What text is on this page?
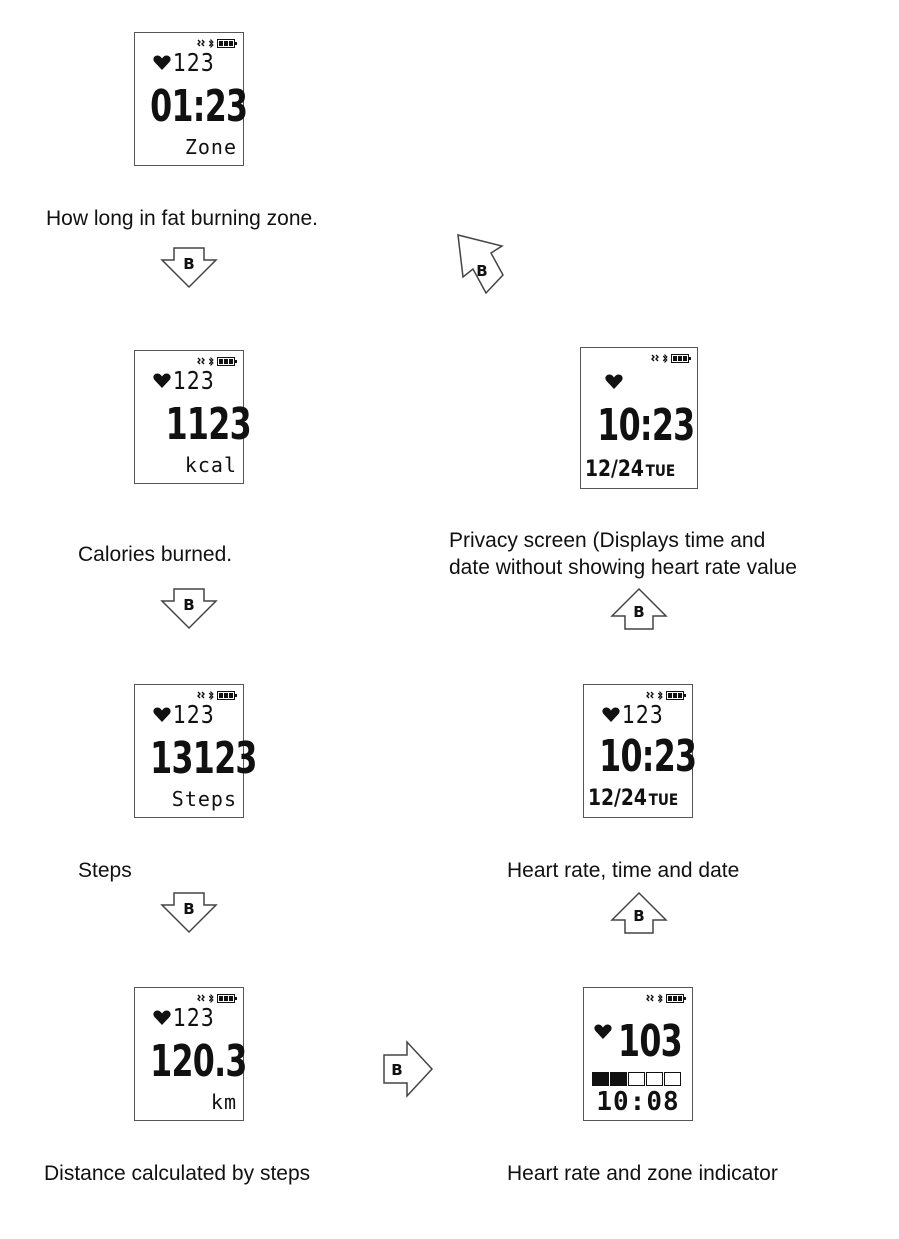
123
01:23
Zone
How long in fat burning zone.
B	B
123
1123
kcal
Calories burned.
B
123
13123
Steps
Steps
B
123
120.3
km
Distance calculated by steps
B
103
10:08
Heart rate and zone indicator
B
123
10:23
12/24 TUE
Heart rate, time and date
B
10:23
12/24 TUE
Privacy screen (Displays time and
date without showing heart rate value
